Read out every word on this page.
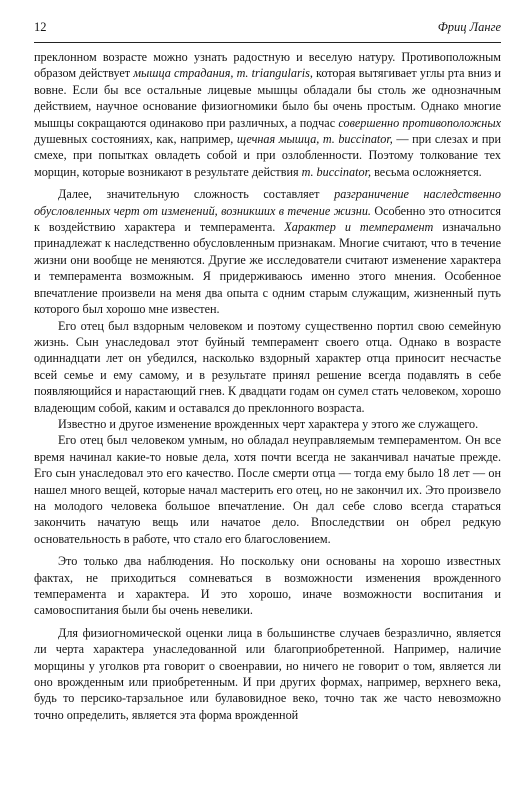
12	Фриц Ланге

преклонном возрасте можно узнать радостную и веселую натуру. Противоположным образом действует мышца страдания, m. triangularis, которая вытягивает углы рта вниз и вовне. Если бы все остальные лицевые мышцы обладали бы столь же однозначным действием, научное основание физиогномики было бы очень простым. Однако многие мышцы сокращаются одинаково при различных, а подчас совершенно противоположных душевных состояниях, как, например, щечная мышца, m. buccinator, — при слезах и при смехе, при попытках овладеть собой и при озлобленности. Поэтому толкование тех морщин, которые возникают в результате действия m. buccinator, весьма осложняется.

Далее, значительную сложность составляет разграничение наследственно обусловленных черт от изменений, возникших в течение жизни. Особенно это относится к воздействию характера и темперамента. Характер и темперамент изначально принадлежат к наследственно обусловленным признакам. Многие считают, что в течение жизни они вообще не меняются. Другие же исследователи считают изменение характера и темперамента возможным. Я придерживаюсь именно этого мнения. Особенное впечатление произвели на меня два опыта с одним старым служащим, жизненный путь которого был хорошо мне известен.

Его отец был вздорным человеком и поэтому существенно портил свою семейную жизнь. Сын унаследовал этот буйный темперамент своего отца. Однако в возрасте одиннадцати лет он убедился, насколько вздорный характер отца приносит несчастье всей семье и ему самому, и в результате принял решение всегда подавлять в себе появляющийся и нарастающий гнев. К двадцати годам он сумел стать человеком, хорошо владеющим собой, каким и оставался до преклонного возраста.

Известно и другое изменение врожденных черт характера у этого же служащего.

Его отец был человеком умным, но обладал неуправляемым темпераментом. Он все время начинал какие-то новые дела, хотя почти всегда не заканчивал начатые прежде. Его сын унаследовал это его качество. После смерти отца — тогда ему было 18 лет — он нашел много вещей, которые начал мастерить его отец, но не закончил их. Это произвело на молодого человека большое впечатление. Он дал себе слово всегда стараться закончить начатую вещь или начатое дело. Впоследствии он обрел редкую основательность в работе, что стало его благословением.

Это только два наблюдения. Но поскольку они основаны на хорошо известных фактах, не приходиться сомневаться в возможности изменения врожденного темперамента и характера. И это хорошо, иначе возможности воспитания и самовоспитания были бы очень невелики.

Для физиогномической оценки лица в большинстве случаев безразлично, является ли черта характера унаследованной или благоприобретенной. Например, наличие морщины у уголков рта говорит о своенравии, но ничего не говорит о том, является ли оно врожденным или приобретенным. И при других формах, например, верхнего века, будь то персико-тарзальное или булавовидное веко, точно так же часто невозможно точно определить, является эта форма врожденной
